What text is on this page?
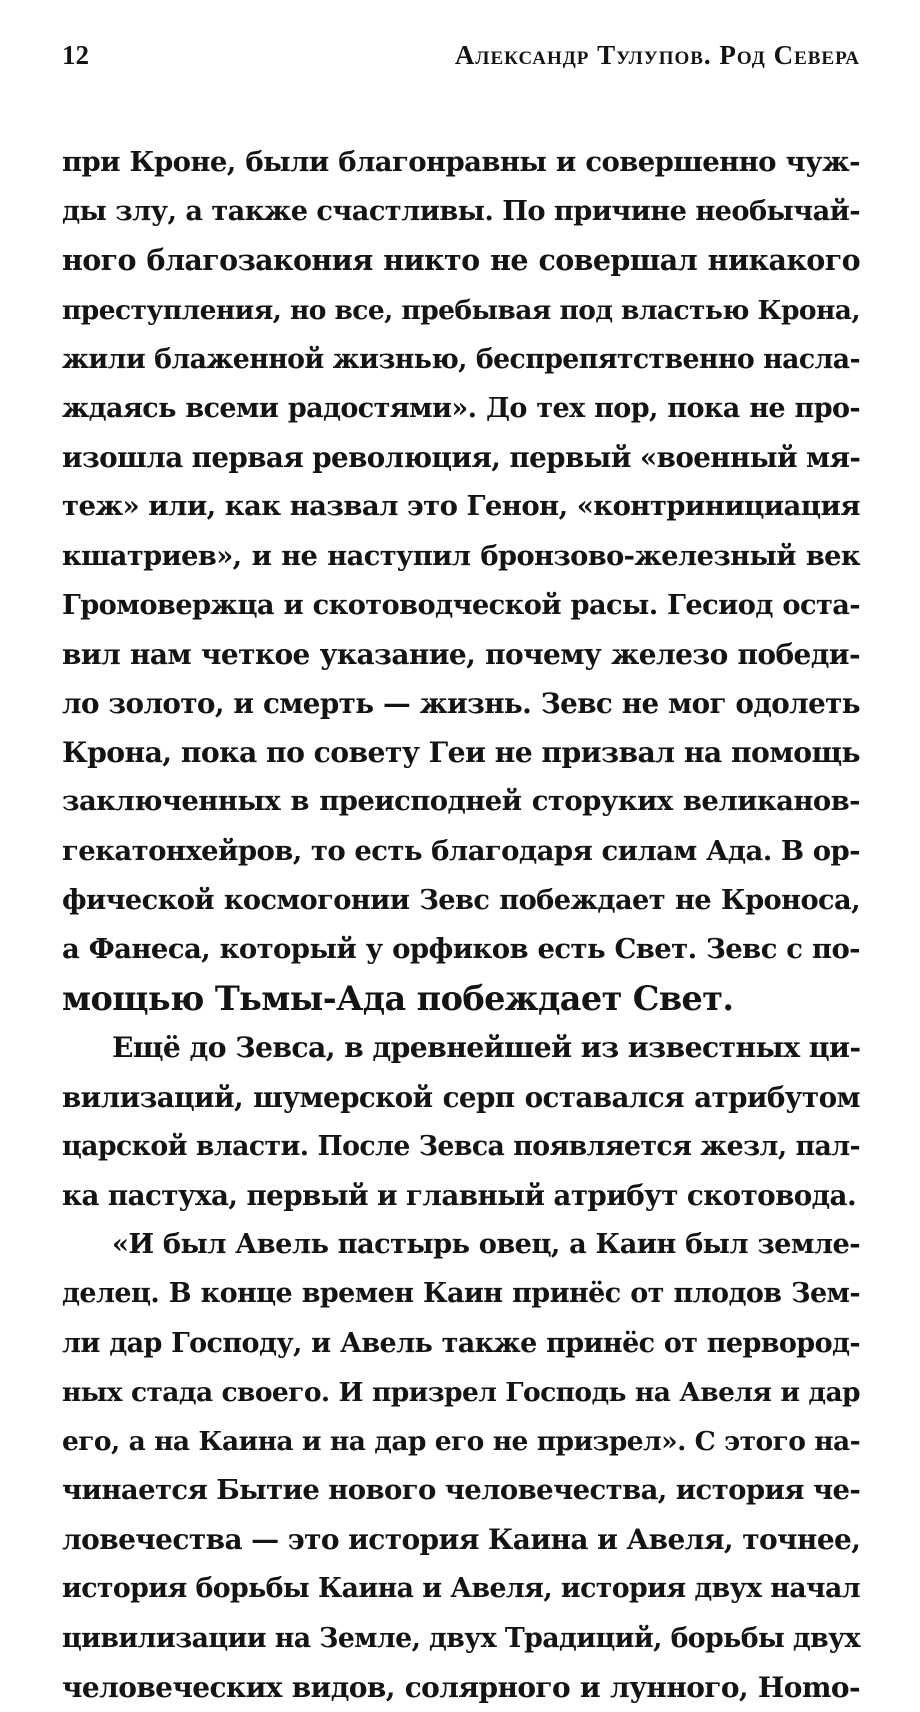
12	Александр Тулупов. Род Севера
при Кроне, были благонравны и совершенно чуж-
ды злу, а также счастливы. По причине необычай-
ного благозакония никто не совершал никакого
преступления, но все, пребывая под властью Крона,
жили блаженной жизнью, беспрепятственно насла-
ждаясь всеми радостями». До тех пор, пока не про-
изошла первая революция, первый «военный мя-
теж» или, как назвал это Генон, «контринициация
кшатриев», и не наступил бронзово-железный век
Громовержца и скотоводческой расы. Гесиод оста-
вил нам четкое указание, почему железо победи-
ло золото, и смерть — жизнь. Зевс не мог одолеть
Крона, пока по совету Геи не призвал на помощь
заключенных в преисподней сторуких великанов-
гекатонхейров, то есть благодаря силам Ада. В ор-
фической космогонии Зевс побеждает не Кроноса,
а Фанеса, который у орфиков есть Свет. Зевс с по-
мощью Тьмы-Ада побеждает Свет.
Ещё до Зевса, в древнейшей из известных ци-
вилизаций, шумерской серп оставался атрибутом
царской власти. После Зевса появляется жезл, пал-
ка пастуха, первый и главный атрибут скотовода.
«И был Авель пастырь овец, а Каин был земле-
делец. В конце времен Каин принёс от плодов Зем-
ли дар Господу, и Авель также принёс от первород-
ных стада своего. И призрел Господь на Авеля и дар
его, а на Каина и на дар его не призрел». С этого на-
чинается Бытие нового человечества, история че-
ловечества — это история Каина и Авеля, точнее,
история борьбы Каина и Авеля, история двух начал
цивилизации на Земле, двух Традиций, борьбы двух
человеческих видов, солярного и лунного, Homo-
